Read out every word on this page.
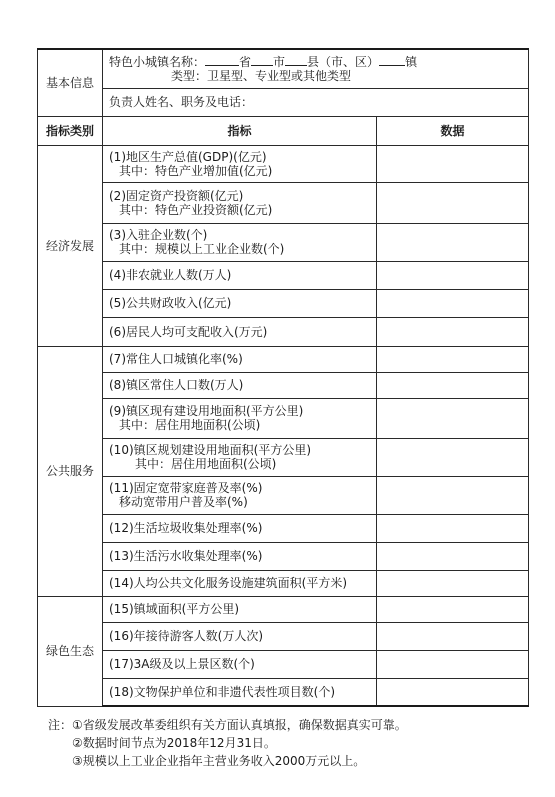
基本信息	特色小城镇名称： 省 市 县（市、区） 镇
类型：卫星型、专业型或其他类型	

	负责人姓名、职务及电话：	

指标类别	指标	数据
经济发展	(1)地区生产总值(GDP)(亿元)
其中：特色产业增加值(亿元)	

	(2)固定资产投资额(亿元)
其中：特色产业投资额(亿元)	

	(3)入驻企业数(个)
其中：规模以上工业企业数(个)	

	(4)非农就业人数(万人)	

	(5)公共财政收入(亿元)	

	(6)居民人均可支配收入(万元)	

公共服务	(7)常住人口城镇化率(%)	

	(8)镇区常住人口数(万人)	

	(9)镇区现有建设用地面积(平方公里)
其中：居住用地面积(公顷)	

	(10)镇区规划建设用地面积(平方公里)
其中：居住用地面积(公顷)	

	(11)固定宽带家庭普及率(%)
移动宽带用户普及率(%)	

	(12)生活垃圾收集处理率(%)	

	(13)生活污水收集处理率(%)	

	(14)人均公共文化服务设施建筑面积(平方米)	

绿色生态	(15)镇域面积(平方公里)	

	(16)年接待游客人数(万人次)	

	(17)3A级及以上景区数(个)	

	(18)文物保护单位和非遗代表性项目数(个)	

注：①省级发展改革委组织有关方面认真填报，确保数据真实可靠。
②数据时间节点为2018年12月31日。
③规模以上工业企业指年主营业务收入2000万元以上。
